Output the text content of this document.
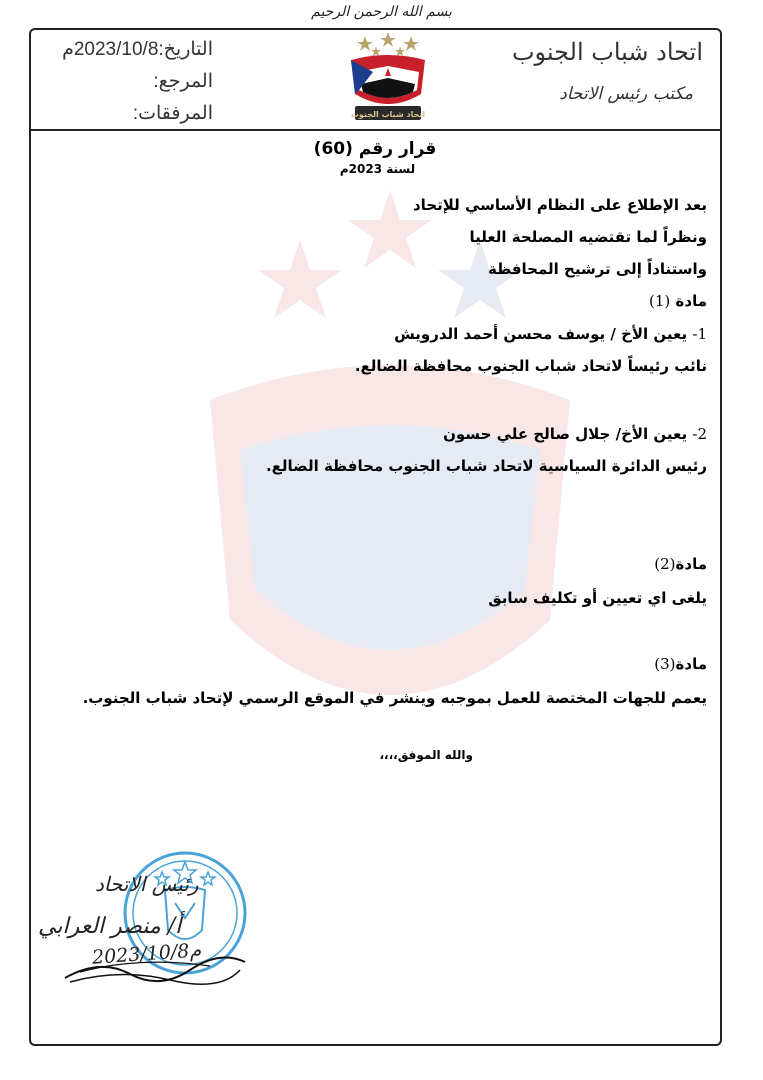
بسم الله الرحمن الرحيم
اتحاد شباب الجنوب
مكتب رئيس الاتحاد
التاريخ:2023/10/8م
المرجع:
المرفقات:	اتحاد شباب الجنوب
قرار رقم (60)
لسنة 2023م
بعد الإطلاع على النظام الأساسي للإتحاد
ونظراً لما تقتضيه المصلحة العليا
واستناداً إلى ترشيح المحافظة
مادة (1)
1- يعين الأخ / يوسف محسن أحمد الدرويش
نائب رئيساً لاتحاد شباب الجنوب محافظة الضالع.
2- يعين الأخ/ جلال صالح علي حسون
رئيس الدائرة السياسية لاتحاد شباب الجنوب محافظة الضالع.
مادة(2)
يلغى اي تعيين أو تكليف سابق
مادة(3)
يعمم للجهات المختصة للعمل بموجبه وينشر في الموقع الرسمي لإتحاد شباب الجنوب.
والله الموفق،،،،
رئيس الاتحاد
أ/ منصر العرابي
2023/10/8م
